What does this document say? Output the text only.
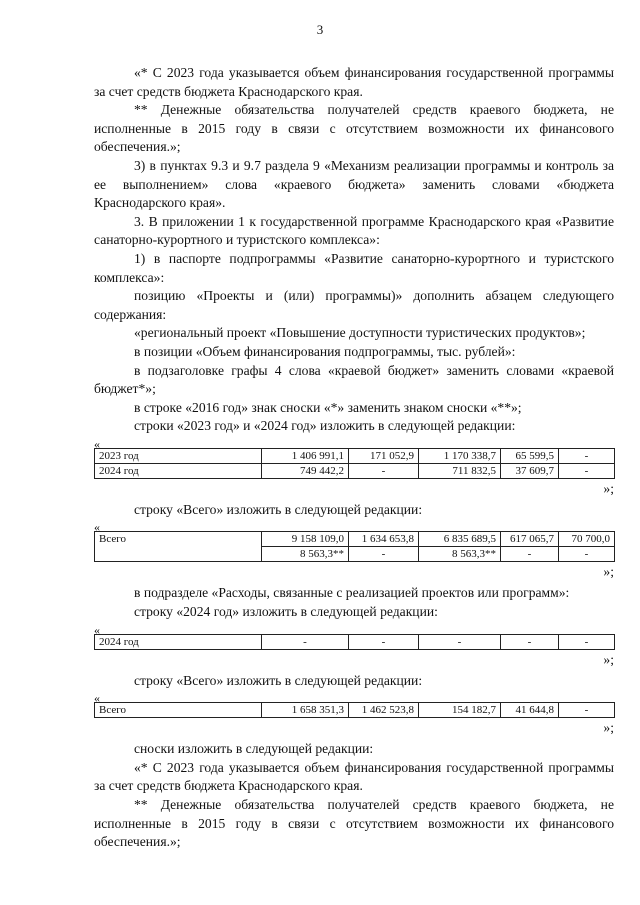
3

«* С 2023 года указывается объем финансирования государственной программы за счет средств бюджета Краснодарского края.

** Денежные обязательства получателей средств краевого бюджета, не исполненные в 2015 году в связи с отсутствием возможности их финансового обеспечения.»;

3) в пунктах 9.3 и 9.7 раздела 9 «Механизм реализации программы и контроль за ее выполнением» слова «краевого бюджета» заменить словами «бюджета Краснодарского края».

3. В приложении 1 к государственной программе Краснодарского края «Развитие санаторно-курортного и туристского комплекса»:

1) в паспорте подпрограммы «Развитие санаторно-курортного и туристского комплекса»:

позицию «Проекты и (или) программы)» дополнить абзацем следующего содержания:

«региональный проект «Повышение доступности туристических продуктов»;

в позиции «Объем финансирования подпрограммы, тыс. рублей»:

в подзаголовке графы 4 слова «краевой бюджет» заменить словами «краевой бюджет*»;

в строке «2016 год» знак сноски «*» заменить знаком сноски «**»;

строки «2023 год» и «2024 год» изложить в следующей редакции:

«
2023 год	1 406 991,1	171 052,9	1 170 338,7	65 599,5	-
2024 год	749 442,2	-	711 832,5	37 609,7	-
»;

строку «Всего» изложить в следующей редакции:

«
Всего	9 158 109,0	1 634 653,8	6 835 689,5	617 065,7	70 700,0
	8 563,3**	-	8 563,3**	-	-
»;

в подразделе «Расходы, связанные с реализацией проектов или программ»:

строку «2024 год» изложить в следующей редакции:

«
2024 год	-	-	-	-	-
»;

строку «Всего» изложить в следующей редакции:

«
Всего	1 658 351,3	1 462 523,8	154 182,7	41 644,8	-
»;

сноски изложить в следующей редакции:

«* С 2023 года указывается объем финансирования государственной программы за счет средств бюджета Краснодарского края.

** Денежные обязательства получателей средств краевого бюджета, не исполненные в 2015 году в связи с отсутствием возможности их финансового обеспечения.»;
